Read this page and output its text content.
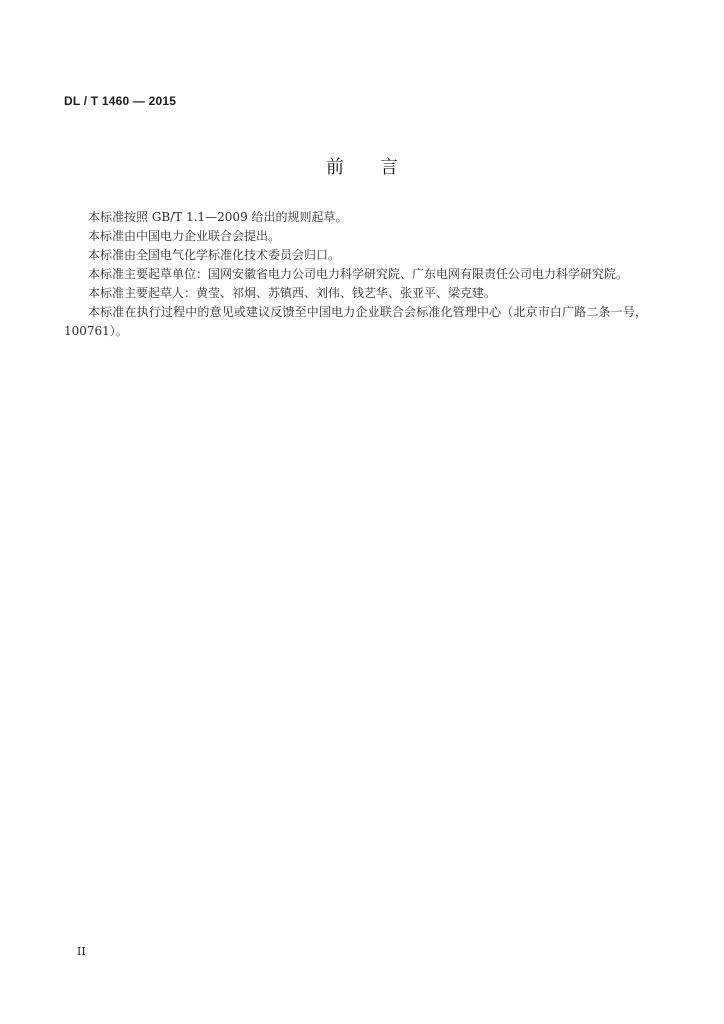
DL / T 1460 — 2015
前言

本标准按照 GB/T 1.1—2009 给出的规则起草。

本标准由中国电力企业联合会提出。

本标准由全国电气化学标准化技术委员会归口。

本标准主要起草单位：国网安徽省电力公司电力科学研究院、广东电网有限责任公司电力科学研究院。

本标准主要起草人：黄莹、祁炯、苏镇西、刘伟、钱艺华、张亚平、梁克建。

本标准在执行过程中的意见或建议反馈至中国电力企业联合会标准化管理中心（北京市白广路二条一号，100761）。

II
